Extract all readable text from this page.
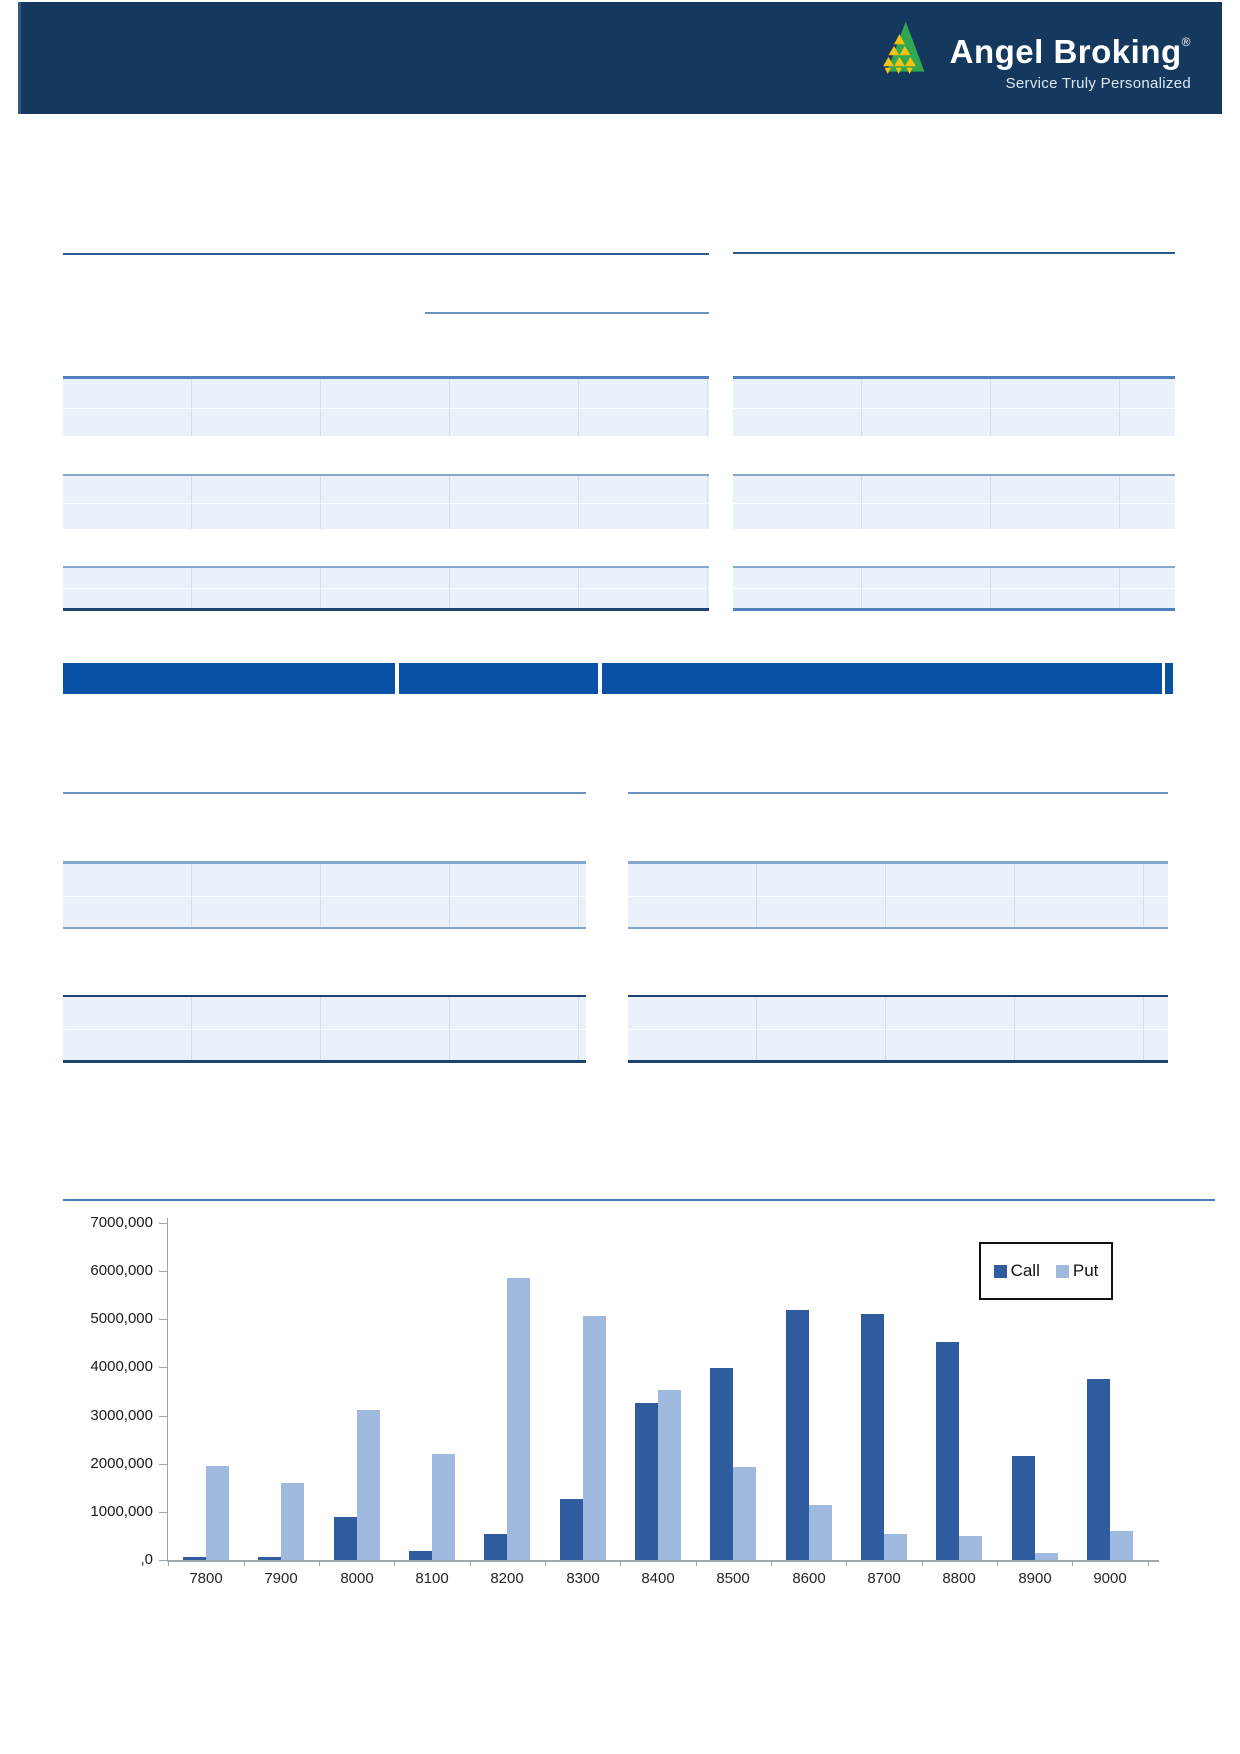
Angel Broking®
Service Truly Personalized
Call Put
7000,000
6000,000
5000,000
4000,000
3000,000
2000,000
1000,000
,0
7800	7900	8000	8100	8200	8300	8400	8500	8600	8700	8800	8900	9000
